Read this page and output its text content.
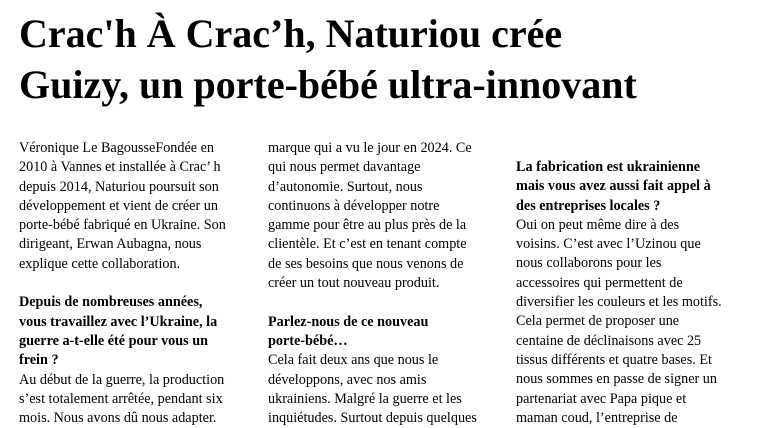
Crac'h À Crac’h, Naturiou crée
Guizy, un porte-bébé ultra-innovant
Véronique Le BagousseFondée en
2010 à Vannes et installée à Crac’ h
depuis 2014, Naturiou poursuit son
développement et vient de créer un
porte-bébé fabriqué en Ukraine. Son
dirigeant, Erwan Aubagna, nous
explique cette collaboration.
Depuis de nombreuses années,
vous travaillez avec l’Ukraine, la
guerre a-t-elle été pour vous un
frein ?
Au début de la guerre, la production
s’est totalement arrêtée, pendant six
mois. Nous avons dû nous adapter.
marque qui a vu le jour en 2024. Ce
qui nous permet davantage
d’autonomie. Surtout, nous
continuons à développer notre
gamme pour être au plus près de la
clientèle. Et c’est en tenant compte
de ses besoins que nous venons de
créer un tout nouveau produit.
Parlez-nous de ce nouveau
porte-bébé…
Cela fait deux ans que nous le
développons, avec nos amis
ukrainiens. Malgré la guerre et les
inquiétudes. Surtout depuis quelques
La fabrication est ukrainienne
mais vous avez aussi fait appel à
des entreprises locales ?
Oui on peut même dire à des
voisins. C’est avec l’Uzinou que
nous collaborons pour les
accessoires qui permettent de
diversifier les couleurs et les motifs.
Cela permet de proposer une
centaine de déclinaisons avec 25
tissus différents et quatre bases. Et
nous sommes en passe de signer un
partenariat avec Papa pique et
maman coud, l’entreprise de
